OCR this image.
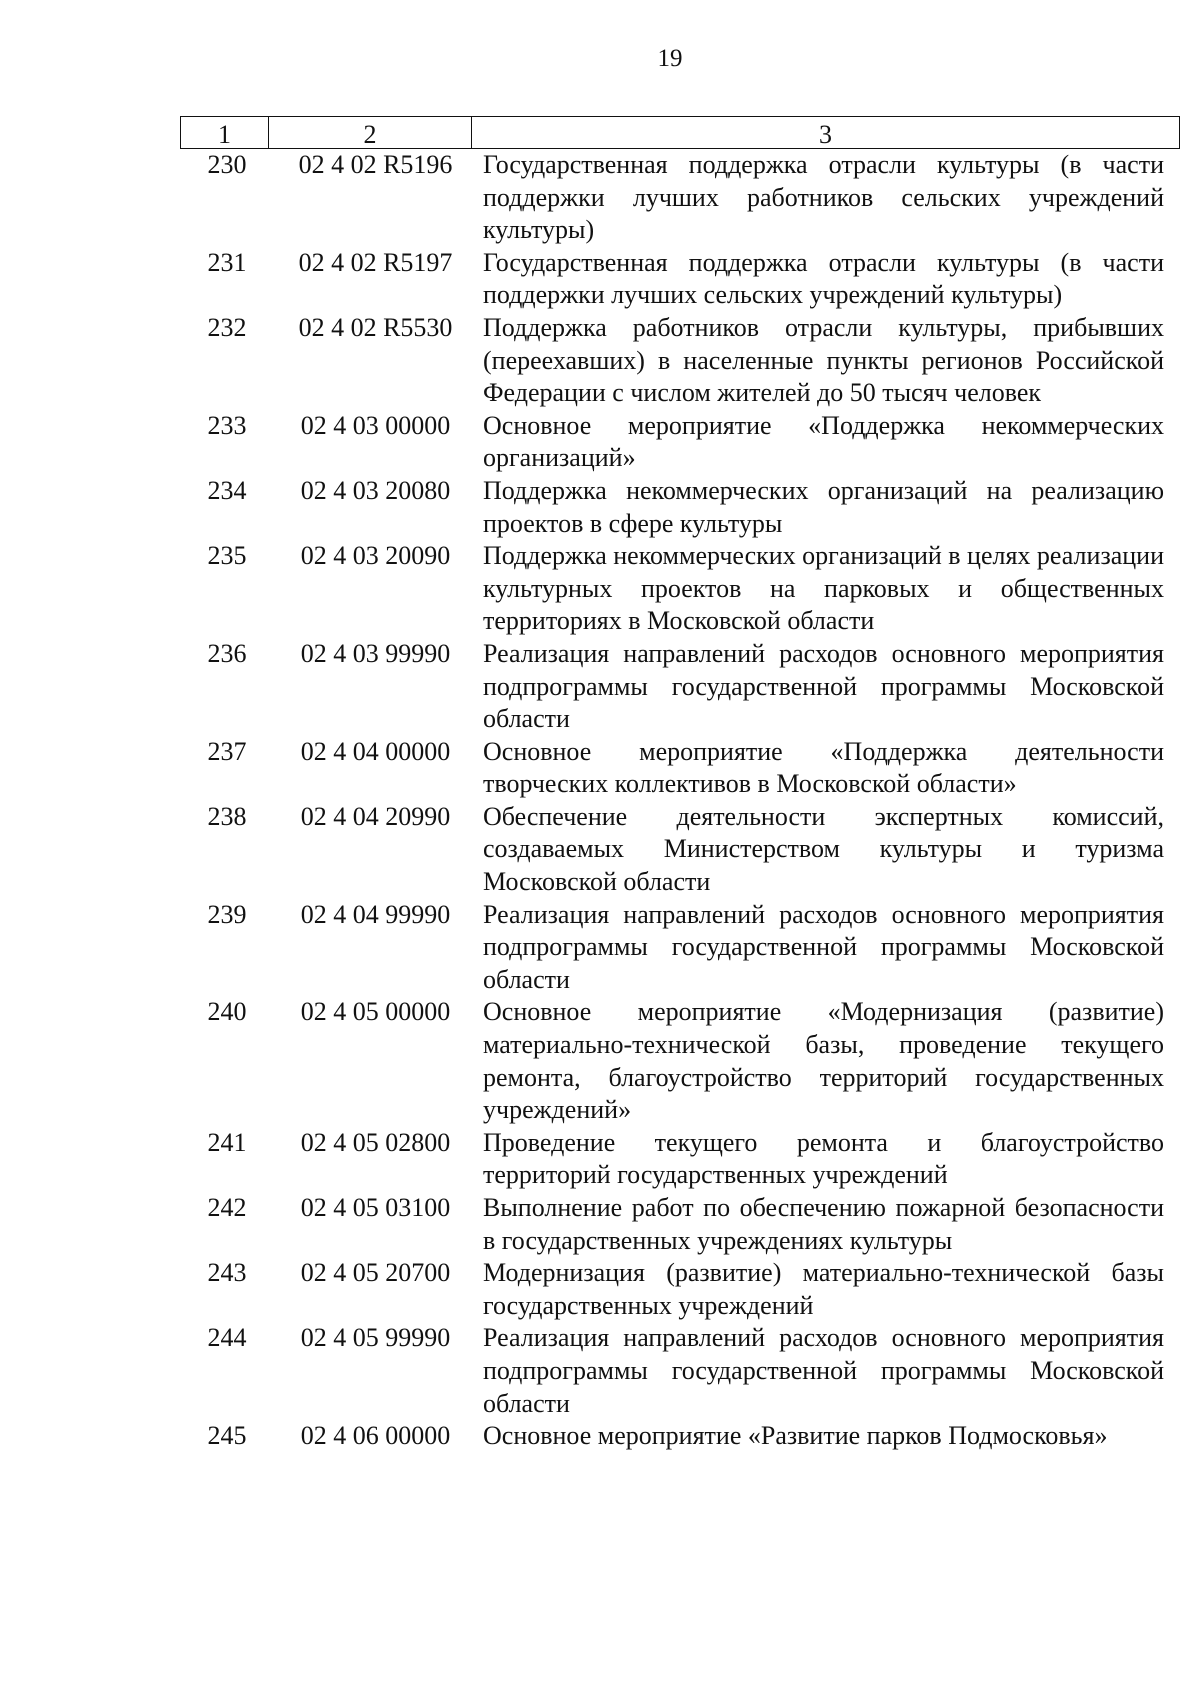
19
1	2	3
230	02 4 02 R5196	Государственная поддержка отрасли культуры (в части поддержки лучших работников сельских учреждений культуры)
231	02 4 02 R5197	Государственная поддержка отрасли культуры (в части поддержки лучших сельских учреждений культуры)
232	02 4 02 R5530	Поддержка работников отрасли культуры, прибывших (переехавших) в населенные пункты регионов Российской Федерации с числом жителей до 50 тысяч человек
233	02 4 03 00000	Основное мероприятие «Поддержка некоммерческих организаций»
234	02 4 03 20080	Поддержка некоммерческих организаций на реализацию проектов в сфере культуры
235	02 4 03 20090	Поддержка некоммерческих организаций в целях реализации культурных проектов на парковых и общественных территориях в Московской области
236	02 4 03 99990	Реализация направлений расходов основного мероприятия подпрограммы государственной программы Московской области
237	02 4 04 00000	Основное мероприятие «Поддержка деятельности творческих коллективов в Московской области»
238	02 4 04 20990	Обеспечение деятельности экспертных комиссий, создаваемых Министерством культуры и туризма Московской области
239	02 4 04 99990	Реализация направлений расходов основного мероприятия подпрограммы государственной программы Московской области
240	02 4 05 00000	Основное мероприятие «Модернизация (развитие) материально-технической базы, проведение текущего ремонта, благоустройство территорий государственных учреждений»
241	02 4 05 02800	Проведение текущего ремонта и благоустройство территорий государственных учреждений
242	02 4 05 03100	Выполнение работ по обеспечению пожарной безопасности в государственных учреждениях культуры
243	02 4 05 20700	Модернизация (развитие) материально-технической базы государственных учреждений
244	02 4 05 99990	Реализация направлений расходов основного мероприятия подпрограммы государственной программы Московской области
245	02 4 06 00000	Основное мероприятие «Развитие парков Подмосковья»
